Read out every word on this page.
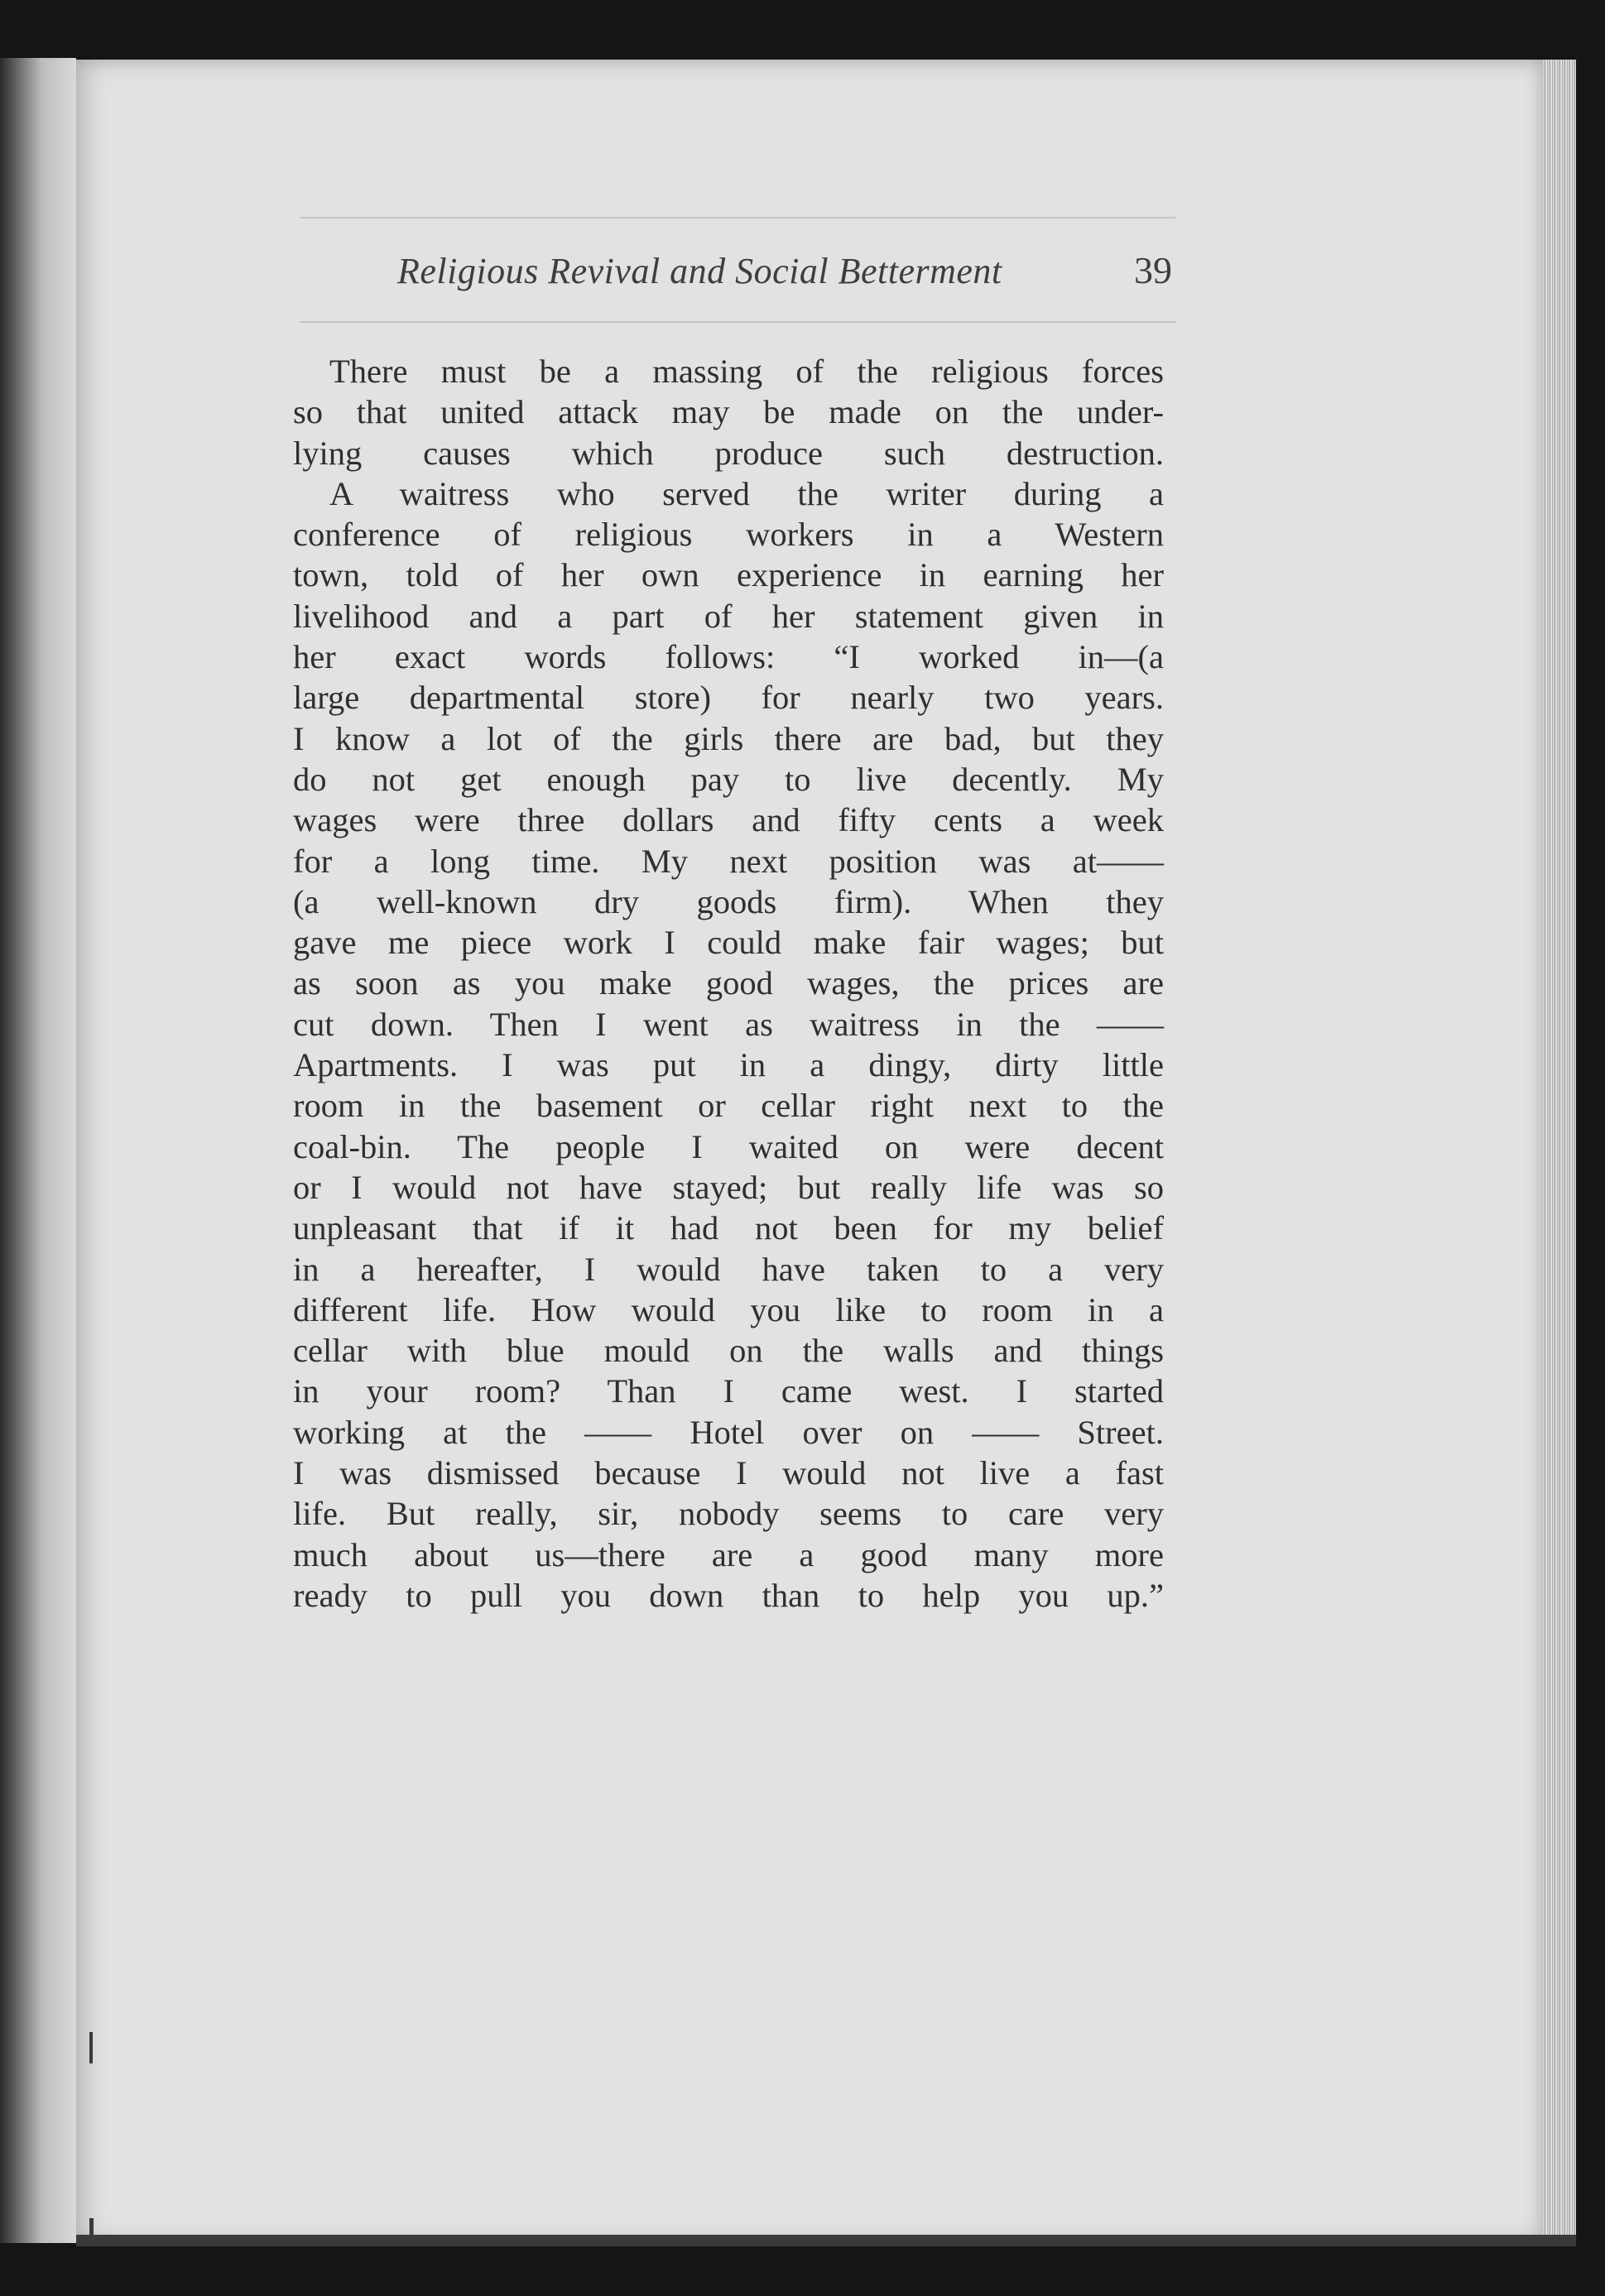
Religious Revival and Social Betterment	39
There must be a massing of the religious forces
so that united attack may be made on the under-
lying causes which produce such destruction.
A waitress who served the writer during a
conference of religious workers in a Western
town, told of her own experience in earning her
livelihood and a part of her statement given in
her exact words follows: “I worked in—(a
large departmental store) for nearly two years.
I know a lot of the girls there are bad, but they
do not get enough pay to live decently. My
wages were three dollars and fifty cents a week
for a long time. My next position was at——
(a well-known dry goods firm). When they
gave me piece work I could make fair wages; but
as soon as you make good wages, the prices are
cut down. Then I went as waitress in the ——
Apartments. I was put in a dingy, dirty little
room in the basement or cellar right next to the
coal-bin. The people I waited on were decent
or I would not have stayed; but really life was so
unpleasant that if it had not been for my belief
in a hereafter, I would have taken to a very
different life. How would you like to room in a
cellar with blue mould on the walls and things
in your room? Than I came west. I started
working at the —— Hotel over on —— Street.
I was dismissed because I would not live a fast
life. But really, sir, nobody seems to care very
much about us—there are a good many more
ready to pull you down than to help you up.”
